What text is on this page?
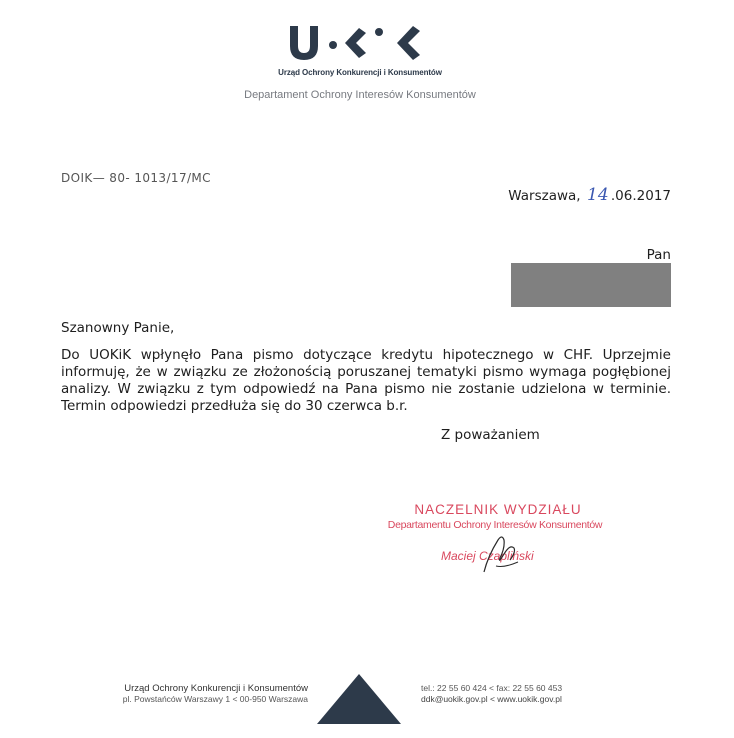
Urząd Ochrony Konkurencji i Konsumentów
Departament Ochrony Interesów Konsumentów
DOIK— 80- 1013/17/MC
Warszawa, 14 .06.2017
Pan
Szanowny Panie,
Do UOKiK wpłynęło Pana pismo dotyczące kredytu hipotecznego w CHF. Uprzejmie informuję, że w związku ze złożonością poruszanej tematyki pismo wymaga pogłębionej analizy. W związku z tym odpowiedź na Pana pismo nie zostanie udzielona w terminie. Termin odpowiedzi przedłuża się do 30 czerwca b.r.
Z poważaniem
NACZELNIK WYDZIAŁU
Departamentu Ochrony Interesów Konsumentów
Maciej Czapliński
Urząd Ochrony Konkurencji i Konsumentów
pl. Powstańców Warszawy 1 < 00-950 Warszawa
tel.: 22 55 60 424 < fax: 22 55 60 453
ddk@uokik.gov.pl < www.uokik.gov.pl
